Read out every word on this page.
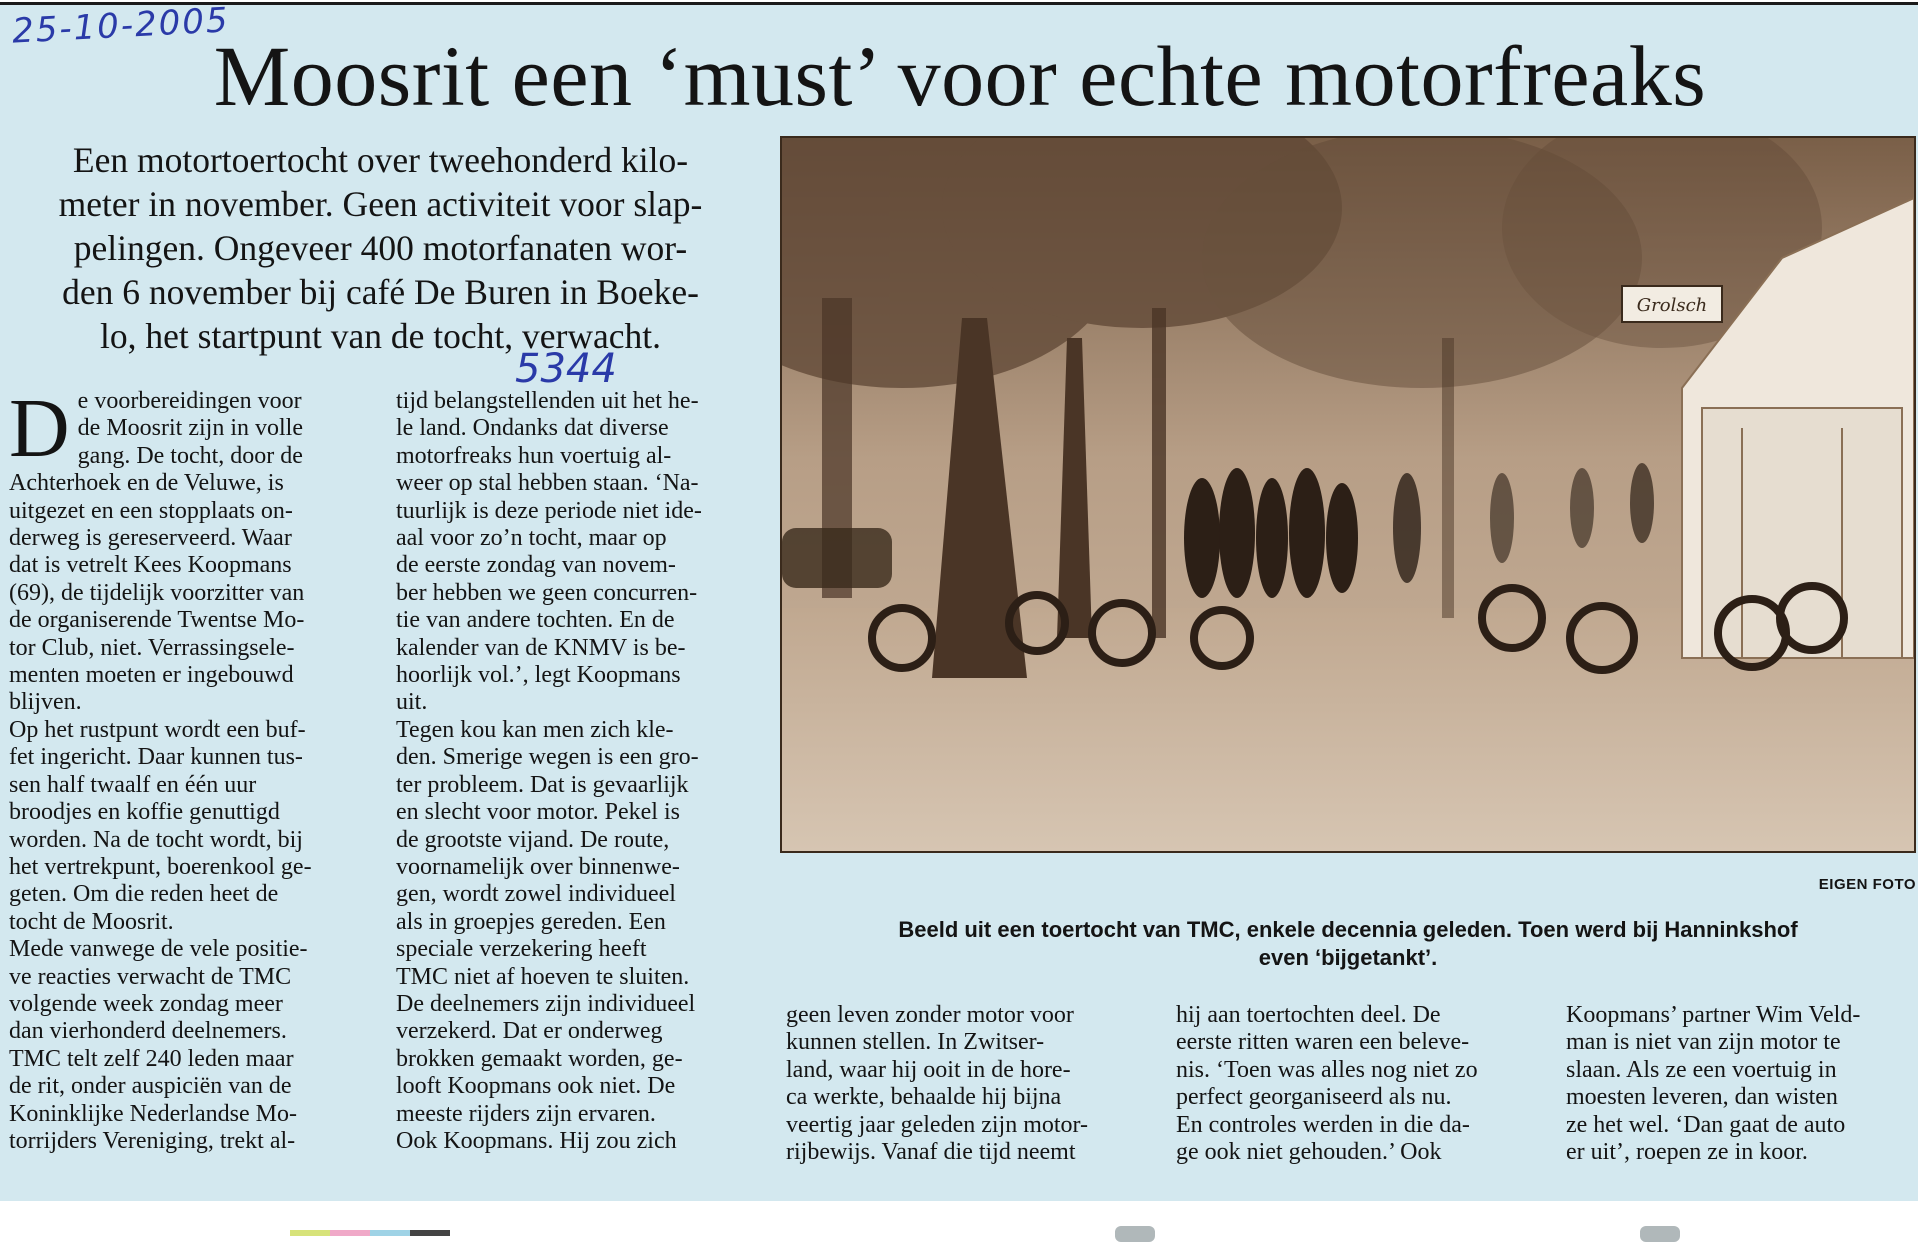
25-10-2005
Moosrit een ‘must’ voor echte motorfreaks
Een motortoertocht over tweehonderd kilo-
meter in november. Geen activiteit voor slap-
pelingen. Ongeveer 400 motorfanaten wor-
den 6 november bij café De Buren in Boeke-
lo, het startpunt van de tocht, verwacht.
5344
D e voorbereidingen voor

de Moosrit zijn in volle

gang. De tocht, door de

Achterhoek en de Veluwe, is

uitgezet en een stopplaats on-

derweg is gereserveerd. Waar

dat is vetrelt Kees Koopmans

(69), de tijdelijk voorzitter van

de organiserende Twentse Mo-

tor Club, niet. Verrassingsele-

menten moeten er ingebouwd

blijven.

Op het rustpunt wordt een buf-

fet ingericht. Daar kunnen tus-

sen half twaalf en één uur

broodjes en koffie genuttigd

worden. Na de tocht wordt, bij

het vertrekpunt, boerenkool ge-

geten. Om die reden heet de

tocht de Moosrit.

Mede vanwege de vele positie-

ve reacties verwacht de TMC

volgende week zondag meer

dan vierhonderd deelnemers.

TMC telt zelf 240 leden maar

de rit, onder auspiciën van de

Koninklijke Nederlandse Mo-

torrijders Vereniging, trekt al-

tijd belangstellenden uit het he-

le land. Ondanks dat diverse

motorfreaks hun voertuig al-

weer op stal hebben staan. ‘Na-

tuurlijk is deze periode niet ide-

aal voor zo’n tocht, maar op

de eerste zondag van novem-

ber hebben we geen concurren-

tie van andere tochten. En de

kalender van de KNMV is be-

hoorlijk vol.’, legt Koopmans

uit.

Tegen kou kan men zich kle-

den. Smerige wegen is een gro-

ter probleem. Dat is gevaarlijk

en slecht voor motor. Pekel is

de grootste vijand. De route,

voornamelijk over binnenwe-

gen, wordt zowel individueel

als in groepjes gereden. Een

speciale verzekering heeft

TMC niet af hoeven te sluiten.

De deelnemers zijn individueel

verzekerd. Dat er onderweg

brokken gemaakt worden, ge-

looft Koopmans ook niet. De

meeste rijders zijn ervaren.

Ook Koopmans. Hij zou zich

geen leven zonder motor voor

kunnen stellen. In Zwitser-

land, waar hij ooit in de hore-

ca werkte, behaalde hij bijna

veertig jaar geleden zijn motor-

rijbewijs. Vanaf die tijd neemt

hij aan toertochten deel. De

eerste ritten waren een beleve-

nis. ‘Toen was alles nog niet zo

perfect georganiseerd als nu.

En controles werden in die da-

ge ook niet gehouden.’ Ook

Koopmans’ partner Wim Veld-

man is niet van zijn motor te

slaan. Als ze een voertuig in

moesten leveren, dan wisten

ze het wel. ‘Dan gaat de auto

er uit’, roepen ze in koor.

Grolsch
EIGEN FOTO
Beeld uit een toertocht van TMC, enkele decennia geleden. Toen werd bij Hanninkshof
even ‘bijgetankt’.
